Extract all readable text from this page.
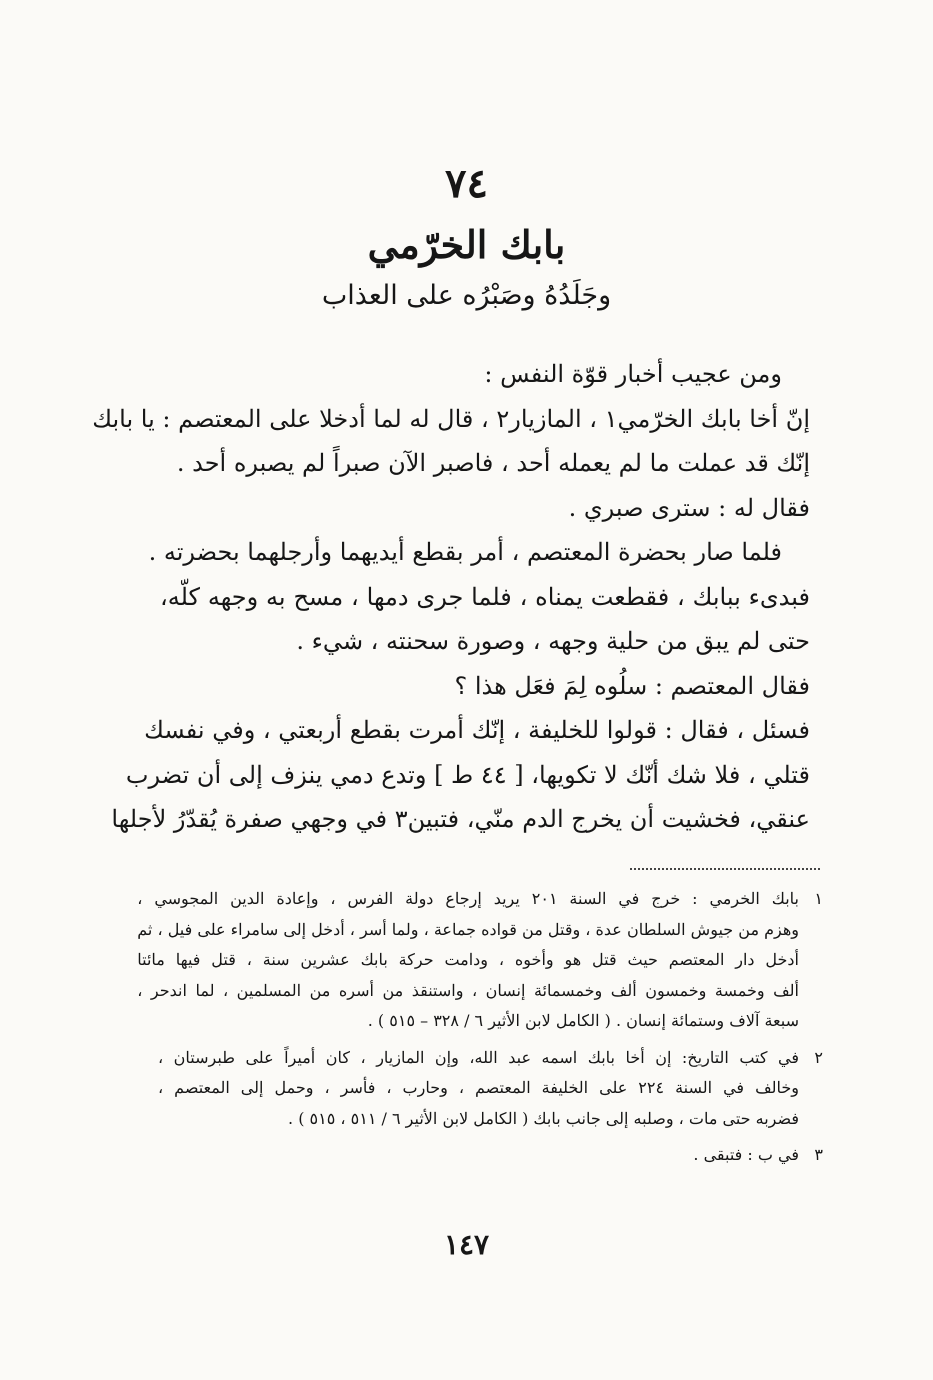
٧٤
بابك الخرّمي
وجَلَدُهُ وصَبْرُه على العذاب
ومن عجيب أخبار قوّة النفس :
إنّ أخا بابك الخرّمي١ ، المازيار٢ ، قال له لما أدخلا على المعتصم : يا بابك
إنّك قد عملت ما لم يعمله أحد ، فاصبر الآن صبراً لم يصبره أحد .
فقال له : سترى صبري .
فلما صار بحضرة المعتصم ، أمر بقطع أيديهما وأرجلهما بحضرته .
فبدىء ببابك ، فقطعت يمناه ، فلما جرى دمها ، مسح به وجهه كلّه،
حتى لم يبق من حلية وجهه ، وصورة سحنته ، شيء .
فقال المعتصم : سلُوه لِمَ فعَل هذا ؟
فسئل ، فقال : قولوا للخليفة ، إنّك أمرت بقطع أربعتي ، وفي نفسك
قتلي ، فلا شك أنّك لا تكويها، [ ٤٤ ط ] وتدع دمي ينزف إلى أن تضرب
عنقي، فخشيت أن يخرج الدم منّي، فتبين٣ في وجهي صفرة يُقدّرُ لأجلها
١
بابك الخرمي : خرج في السنة ٢٠١ يريد إرجاع دولة الفرس ، وإعادة الدين المجوسي ،
وهزم من جيوش السلطان عدة ، وقتل من قواده جماعة ، ولما أسر ، أدخل إلى سامراء على فيل ، ثم
أدخل دار المعتصم حيث قتل هو وأخوه ، ودامت حركة بابك عشرين سنة ، قتل فيها مائتا
ألف وخمسة وخمسون ألف وخمسمائة إنسان ، واستنقذ من أسره من المسلمين ، لما اندحر ،
سبعة آلاف وستمائة إنسان . ( الكامل لابن الأثير ٦ / ٣٢٨ – ٥١٥ ) .
٢
في كتب التاريخ: إن أخا بابك اسمه عبد الله، وإن المازيار ، كان أميراً على طبرستان ،
وخالف في السنة ٢٢٤ على الخليفة المعتصم ، وحارب ، فأسر ، وحمل إلى المعتصم ،
فضربه حتى مات ، وصلبه إلى جانب بابك ( الكامل لابن الأثير ٦ / ٥١١ ، ٥١٥ ) .
٣
في ب : فتبقى .
١٤٧
